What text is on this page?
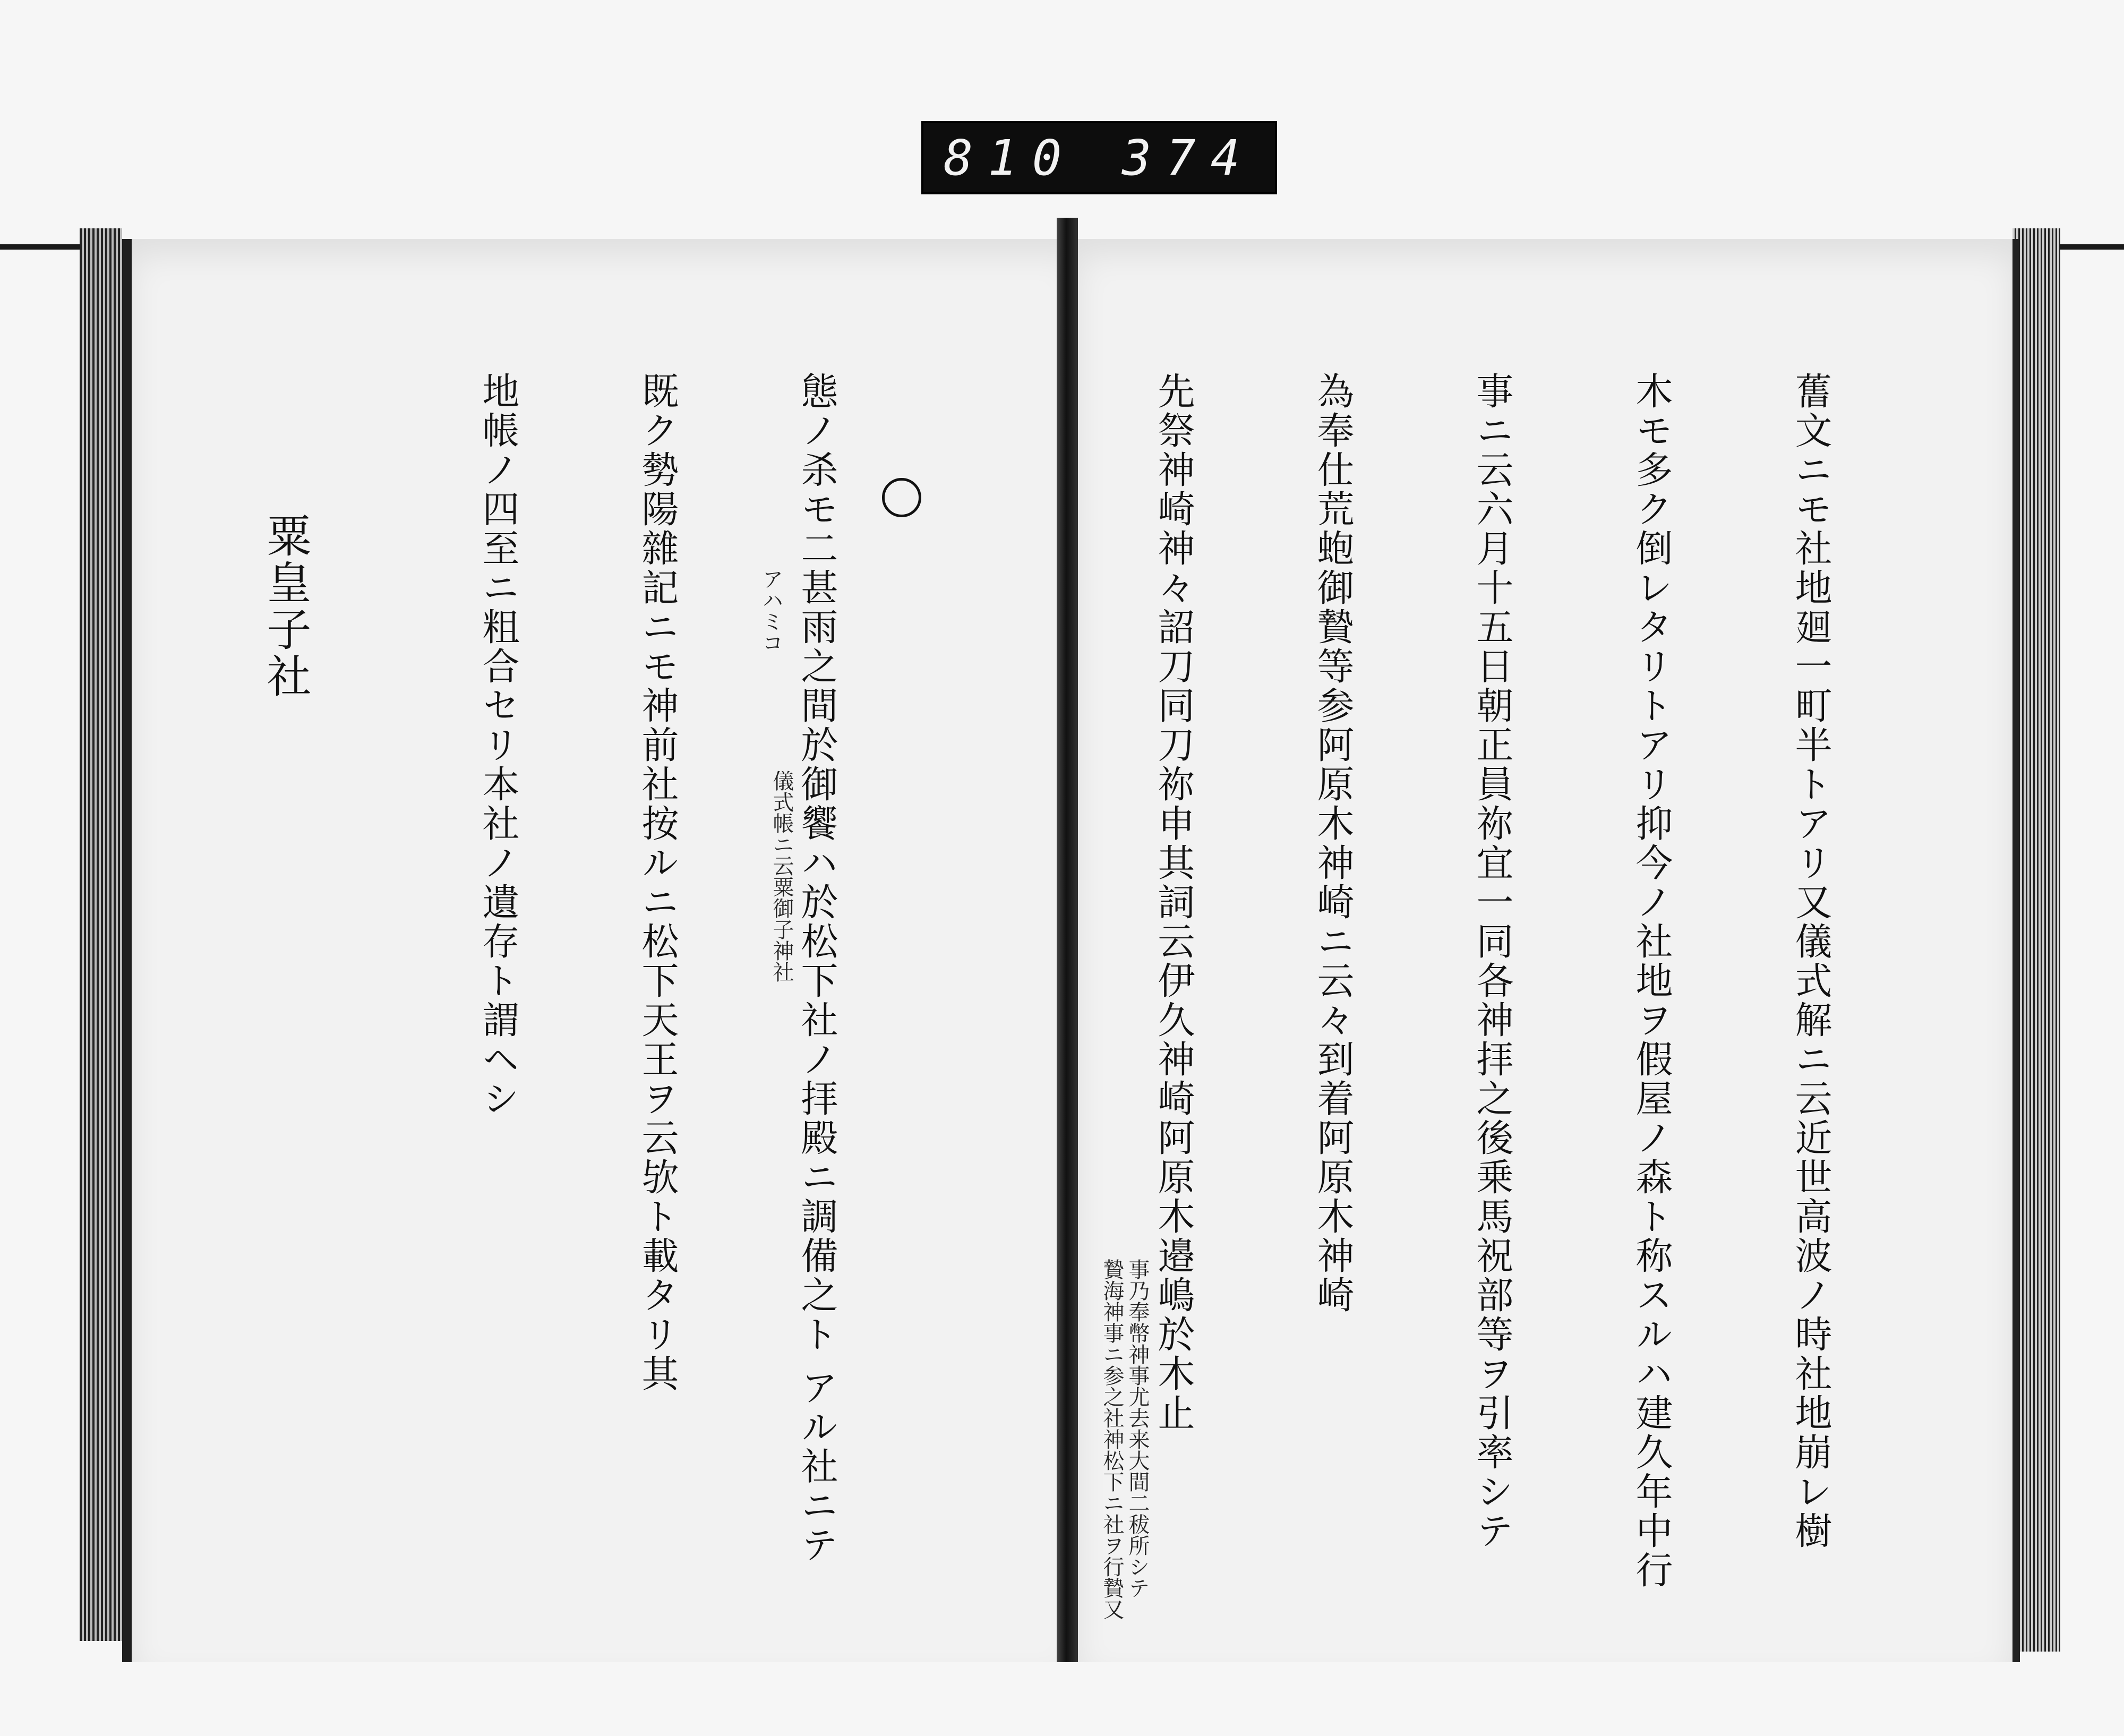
810 374

態ノ杀モ二甚雨之間於御饗ハ於松下社ノ拝殿ニ調備之ト アル社ニテ

既ク勢陽雜記ニモ神前社按ルニ松下天王ヲ云欤ト載タリ其

地帳ノ四至ニ粗合セリ本社ノ遺存ト謂ヘシ

粟皇子社

	アハミコ
儀式帳ニ云粟御子神社

	𦾔文ニモ社地廻一町半トアリ又儀式解ニ云近世高波ノ時社地崩レ樹

木モ多ク倒レタリトアリ抑今ノ社地ヲ假屋ノ森ト称スルハ建久年中行

事ニ云六月十五日朝正員祢宜一同各神拝之後乗馬祝部等ヲ引率シテ

為奉仕荒蚫御贄等参阿原木神崎ニ云々到着阿原木神崎

先祭神崎神々詔刀同刀祢申其詞云伊久神崎阿原木邉嶋於木止

事乃奉幣神事尤去来大間二秡所シテ
贄海神事ニ参之社神松下ニ社ヲ行贄又
